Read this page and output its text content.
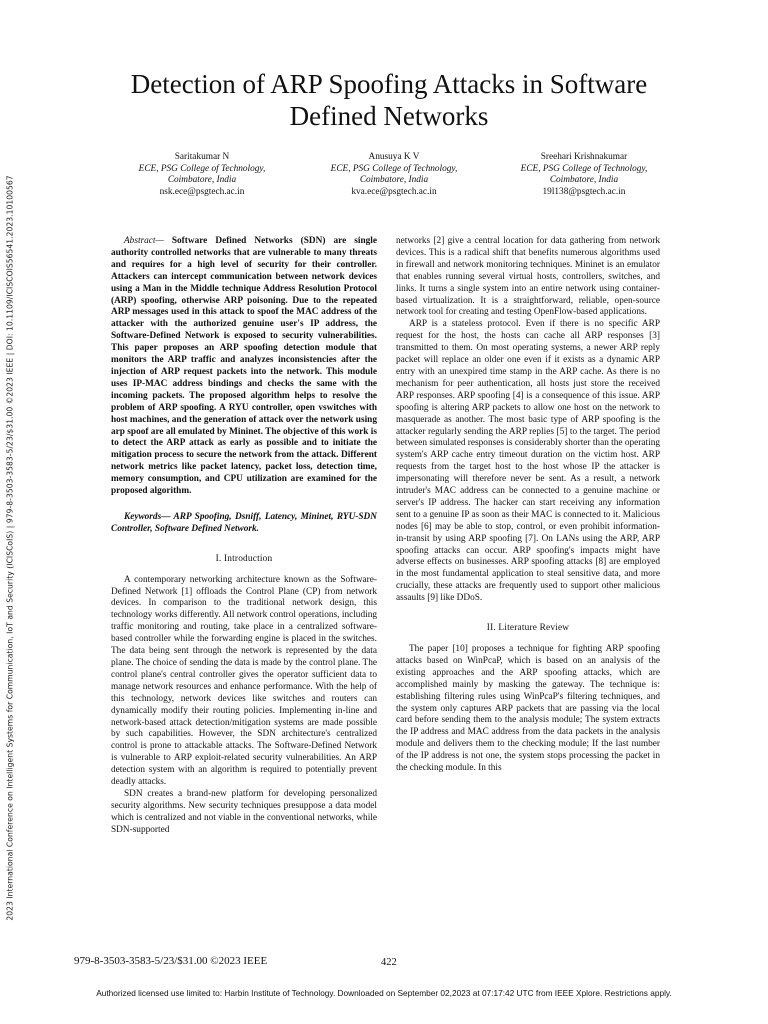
2023 International Conference on Intelligent Systems for Communication, IoT and Security (ICISCoIS) | 979-8-3503-3583-5/23/$31.00 ©2023 IEEE | DOI: 10.1109/ICISCOIS56541.2023.10100567
Detection of ARP Spoofing Attacks in Software Defined Networks
Saritakumar N
ECE, PSG College of Technology,
Coimbatore, India
nsk.ece@psgtech.ac.in
Anusuya K V
ECE, PSG College of Technology,
Coimbatore, India
kva.ece@psgtech.ac.in
Sreehari Krishnakumar
ECE, PSG College of Technology,
Coimbatore, India
19l138@psgtech.ac.in

Abstract— Software Defined Networks (SDN) are single authority controlled networks that are vulnerable to many threats and requires for a high level of security for their controller. Attackers can intercept communication between network devices using a Man in the Middle technique Address Resolution Protocol (ARP) spoofing, otherwise ARP poisoning. Due to the repeated ARP messages used in this attack to spoof the MAC address of the attacker with the authorized genuine user's IP address, the Software-Defined Network is exposed to security vulnerabilities. This paper proposes an ARP spoofing detection module that monitors the ARP traffic and analyzes inconsistencies after the injection of ARP request packets into the network. This module uses IP-MAC address bindings and checks the same with the incoming packets. The proposed algorithm helps to resolve the problem of ARP spoofing. A RYU controller, open vswitches with host machines, and the generation of attack over the network using arp spoof are all emulated by Mininet. The objective of this work is to detect the ARP attack as early as possible and to initiate the mitigation process to secure the network from the attack. Different network metrics like packet latency, packet loss, detection time, memory consumption, and CPU utilization are examined for the proposed algorithm.

Keywords— ARP Spoofing, Dsniff, Latency, Mininet, RYU-SDN Controller, Software Defined Network.

I. Introduction

A contemporary networking architecture known as the Software-Defined Network [1] offloads the Control Plane (CP) from network devices. In comparison to the traditional network design, this technology works differently. All network control operations, including traffic monitoring and routing, take place in a centralized software-based controller while the forwarding engine is placed in the switches. The data being sent through the network is represented by the data plane. The choice of sending the data is made by the control plane. The control plane's central controller gives the operator sufficient data to manage network resources and enhance performance. With the help of this technology, network devices like switches and routers can dynamically modify their routing policies. Implementing in-line and network-based attack detection/mitigation systems are made possible by such capabilities. However, the SDN architecture's centralized control is prone to attackable attacks. The Software-Defined Network is vulnerable to ARP exploit-related security vulnerabilities. An ARP detection system with an algorithm is required to potentially prevent deadly attacks.

SDN creates a brand-new platform for developing personalized security algorithms. New security techniques presuppose a data model which is centralized and not viable in the conventional networks, while SDN-supported

networks [2] give a central location for data gathering from network devices. This is a radical shift that benefits numerous algorithms used in firewall and network monitoring techniques. Mininet is an emulator that enables running several virtual hosts, controllers, switches, and links. It turns a single system into an entire network using container-based virtualization. It is a straightforward, reliable, open-source network tool for creating and testing OpenFlow-based applications.

ARP is a stateless protocol. Even if there is no specific ARP request for the host, the hosts can cache all ARP responses [3] transmitted to them. On most operating systems, a newer ARP reply packet will replace an older one even if it exists as a dynamic ARP entry with an unexpired time stamp in the ARP cache. As there is no mechanism for peer authentication, all hosts just store the received ARP responses. ARP spoofing [4] is a consequence of this issue. ARP spoofing is altering ARP packets to allow one host on the network to masquerade as another. The most basic type of ARP spoofing is the attacker regularly sending the ARP replies [5] to the target. The period between simulated responses is considerably shorter than the operating system's ARP cache entry timeout duration on the victim host. ARP requests from the target host to the host whose IP the attacker is impersonating will therefore never be sent. As a result, a network intruder's MAC address can be connected to a genuine machine or server's IP address. The hacker can start receiving any information sent to a genuine IP as soon as their MAC is connected to it. Malicious nodes [6] may be able to stop, control, or even prohibit information-in-transit by using ARP spoofing [7]. On LANs using the ARP, ARP spoofing attacks can occur. ARP spoofing's impacts might have adverse effects on businesses. ARP spoofing attacks [8] are employed in the most fundamental application to steal sensitive data, and more crucially, these attacks are frequently used to support other malicious assaults [9] like DDoS.

II. Literature Review

The paper [10] proposes a technique for fighting ARP spoofing attacks based on WinPcaP, which is based on an analysis of the existing approaches and the ARP spoofing attacks, which are accomplished mainly by masking the gateway. The technique is: establishing filtering rules using WinPcaP's filtering techniques, and the system only captures ARP packets that are passing via the local card before sending them to the analysis module; The system extracts the IP address and MAC address from the data packets in the analysis module and delivers them to the checking module; If the last number of the IP address is not one, the system stops processing the packet in the checking module. In this

979-8-3503-3583-5/23/$31.00 ©2023 IEEE	422
Authorized licensed use limited to: Harbin Institute of Technology. Downloaded on September 02,2023 at 07:17:42 UTC from IEEE Xplore. Restrictions apply.
